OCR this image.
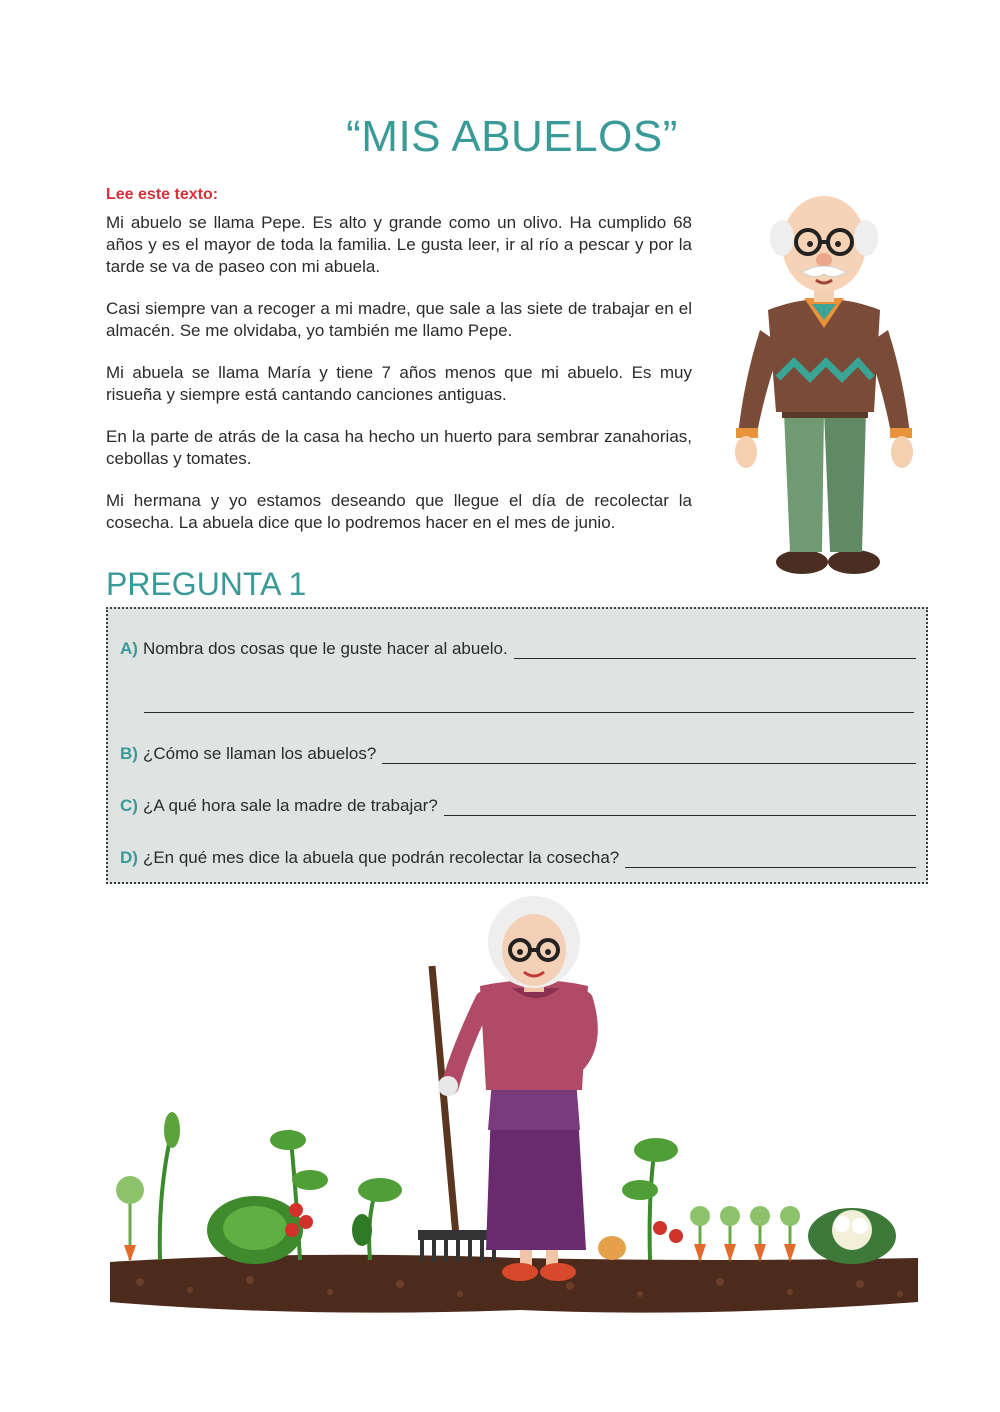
“MIS ABUELOS”
Lee este texto:

Mi abuelo se llama Pepe. Es alto y grande como un olivo. Ha cumplido 68 años y es el mayor de toda la familia. Le gusta leer, ir al río a pescar y por la tarde se va de paseo con mi abuela.

Casi siempre van a recoger a mi madre, que sale a las siete de trabajar en el almacén. Se me olvidaba, yo también me llamo Pepe.

Mi abuela se llama María y tiene 7 años menos que mi abuelo. Es muy risueña y siempre está cantando canciones antiguas.

En la parte de atrás de la casa ha hecho un huerto para sembrar zanahorias, cebollas y tomates.

Mi hermana y yo estamos deseando que llegue el día de recolectar la cosecha. La abuela dice que lo podremos hacer en el mes de junio.

PREGUNTA 1
A) Nombra dos cosas que le guste hacer al abuelo.
B) ¿Cómo se llaman los abuelos?
C) ¿A qué hora sale la madre de trabajar?
D) ¿En qué mes dice la abuela que podrán recolectar la cosecha?
